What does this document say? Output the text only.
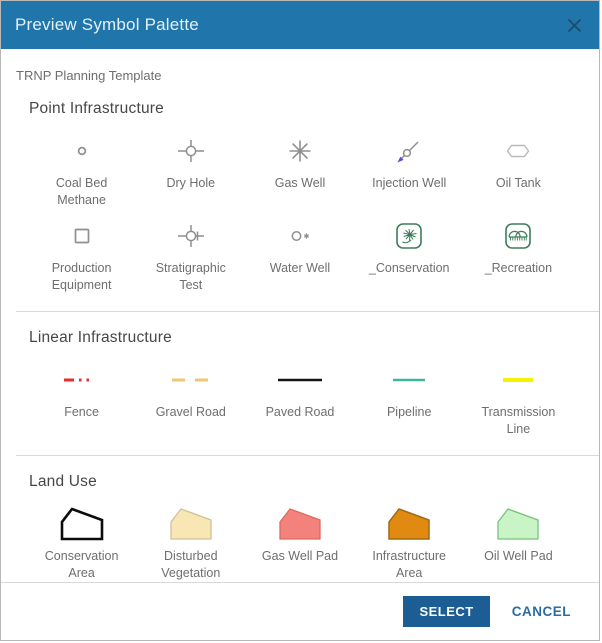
Preview Symbol Palette
TRNP Planning Template
Point Infrastructure
Coal Bed Methane
Dry Hole	Gas Well	Injection Well	Oil Tank
Production Equipment
Stratigraphic Test
Water Well	_Conservation	_Recreation
Linear Infrastructure
Fence	Gravel Road	Paved Road	Pipeline	Transmission Line
Land Use
Conservation Area
Disturbed Vegetation
Gas Well Pad	Infrastructure Area
Oil Well Pad
SELECT	CANCEL
